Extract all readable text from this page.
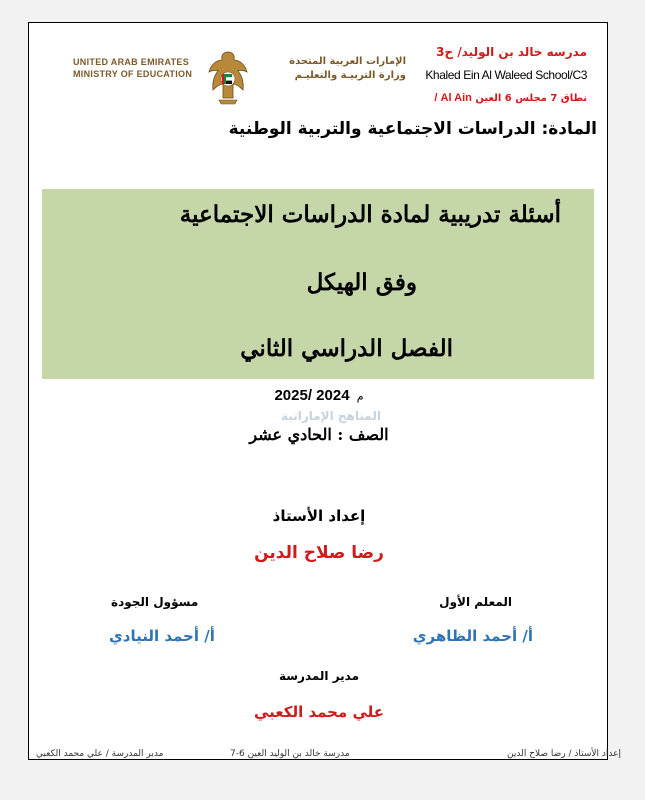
UNITED ARAB EMIRATES
MINISTRY OF EDUCATION
الإمارات العربية المتحدة
وزارة التربيـة والتعليـم
مدرسه خالد بن الوليد/ ح3
Khaled Ein Al Waleed School/C3
نطاق 7 مجلس 6 العين Al Ain /
المادة: الدراسات الاجتماعية والتربية الوطنية
أسئلة تدريبية لمادة الدراسات الاجتماعية
وفق الهيكل
الفصل الدراسي الثاني
م 2024 /2025
المناهج الإماراتية
الصف : الحادي عشر
إعداد الأستاذ
رضا صلاح الدين
المعلم الأول
أ/ أحمد الظاهري
مسؤول الجودة
أ/ أحمد النيادي
مدير المدرسة
علي محمد الكعبي
إعداد الأستاذ / رضا صلاح الدين
مدرسة خالد بن الوليد العين 6-7
مدير المدرسة / علي محمد الكعبي
